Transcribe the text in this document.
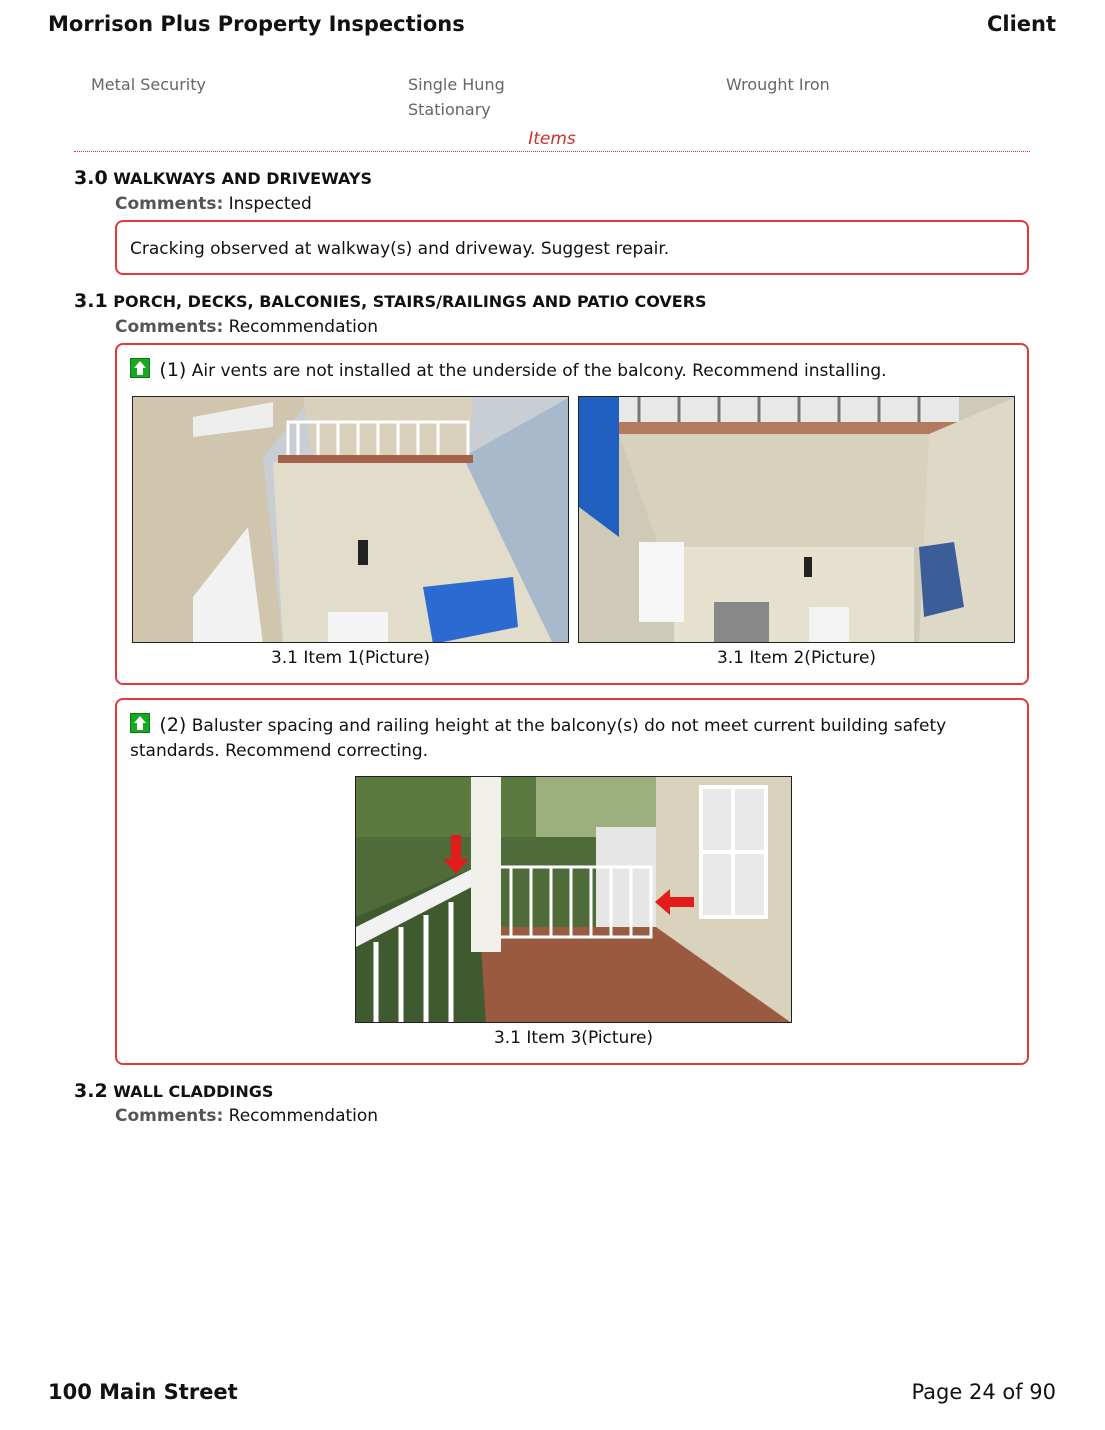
Morrison Plus Property Inspections	Client
Metal Security	Single Hung
Stationary
Wrought Iron
Items
3.0 WALKWAYS AND DRIVEWAYS
Comments: Inspected
Cracking observed at walkway(s) and driveway. Suggest repair.
3.1 PORCH, DECKS, BALCONIES, STAIRS/RAILINGS AND PATIO COVERS
Comments: Recommendation
(1) Air vents are not installed at the underside of the balcony. Recommend installing.
3.1 Item 1(Picture)	3.1 Item 2(Picture)
(2) Baluster spacing and railing height at the balcony(s) do not meet current building safety
standards. Recommend correcting.
3.1 Item 3(Picture)
3.2 WALL CLADDINGS
Comments: Recommendation
100 Main Street	Page 24 of 90
